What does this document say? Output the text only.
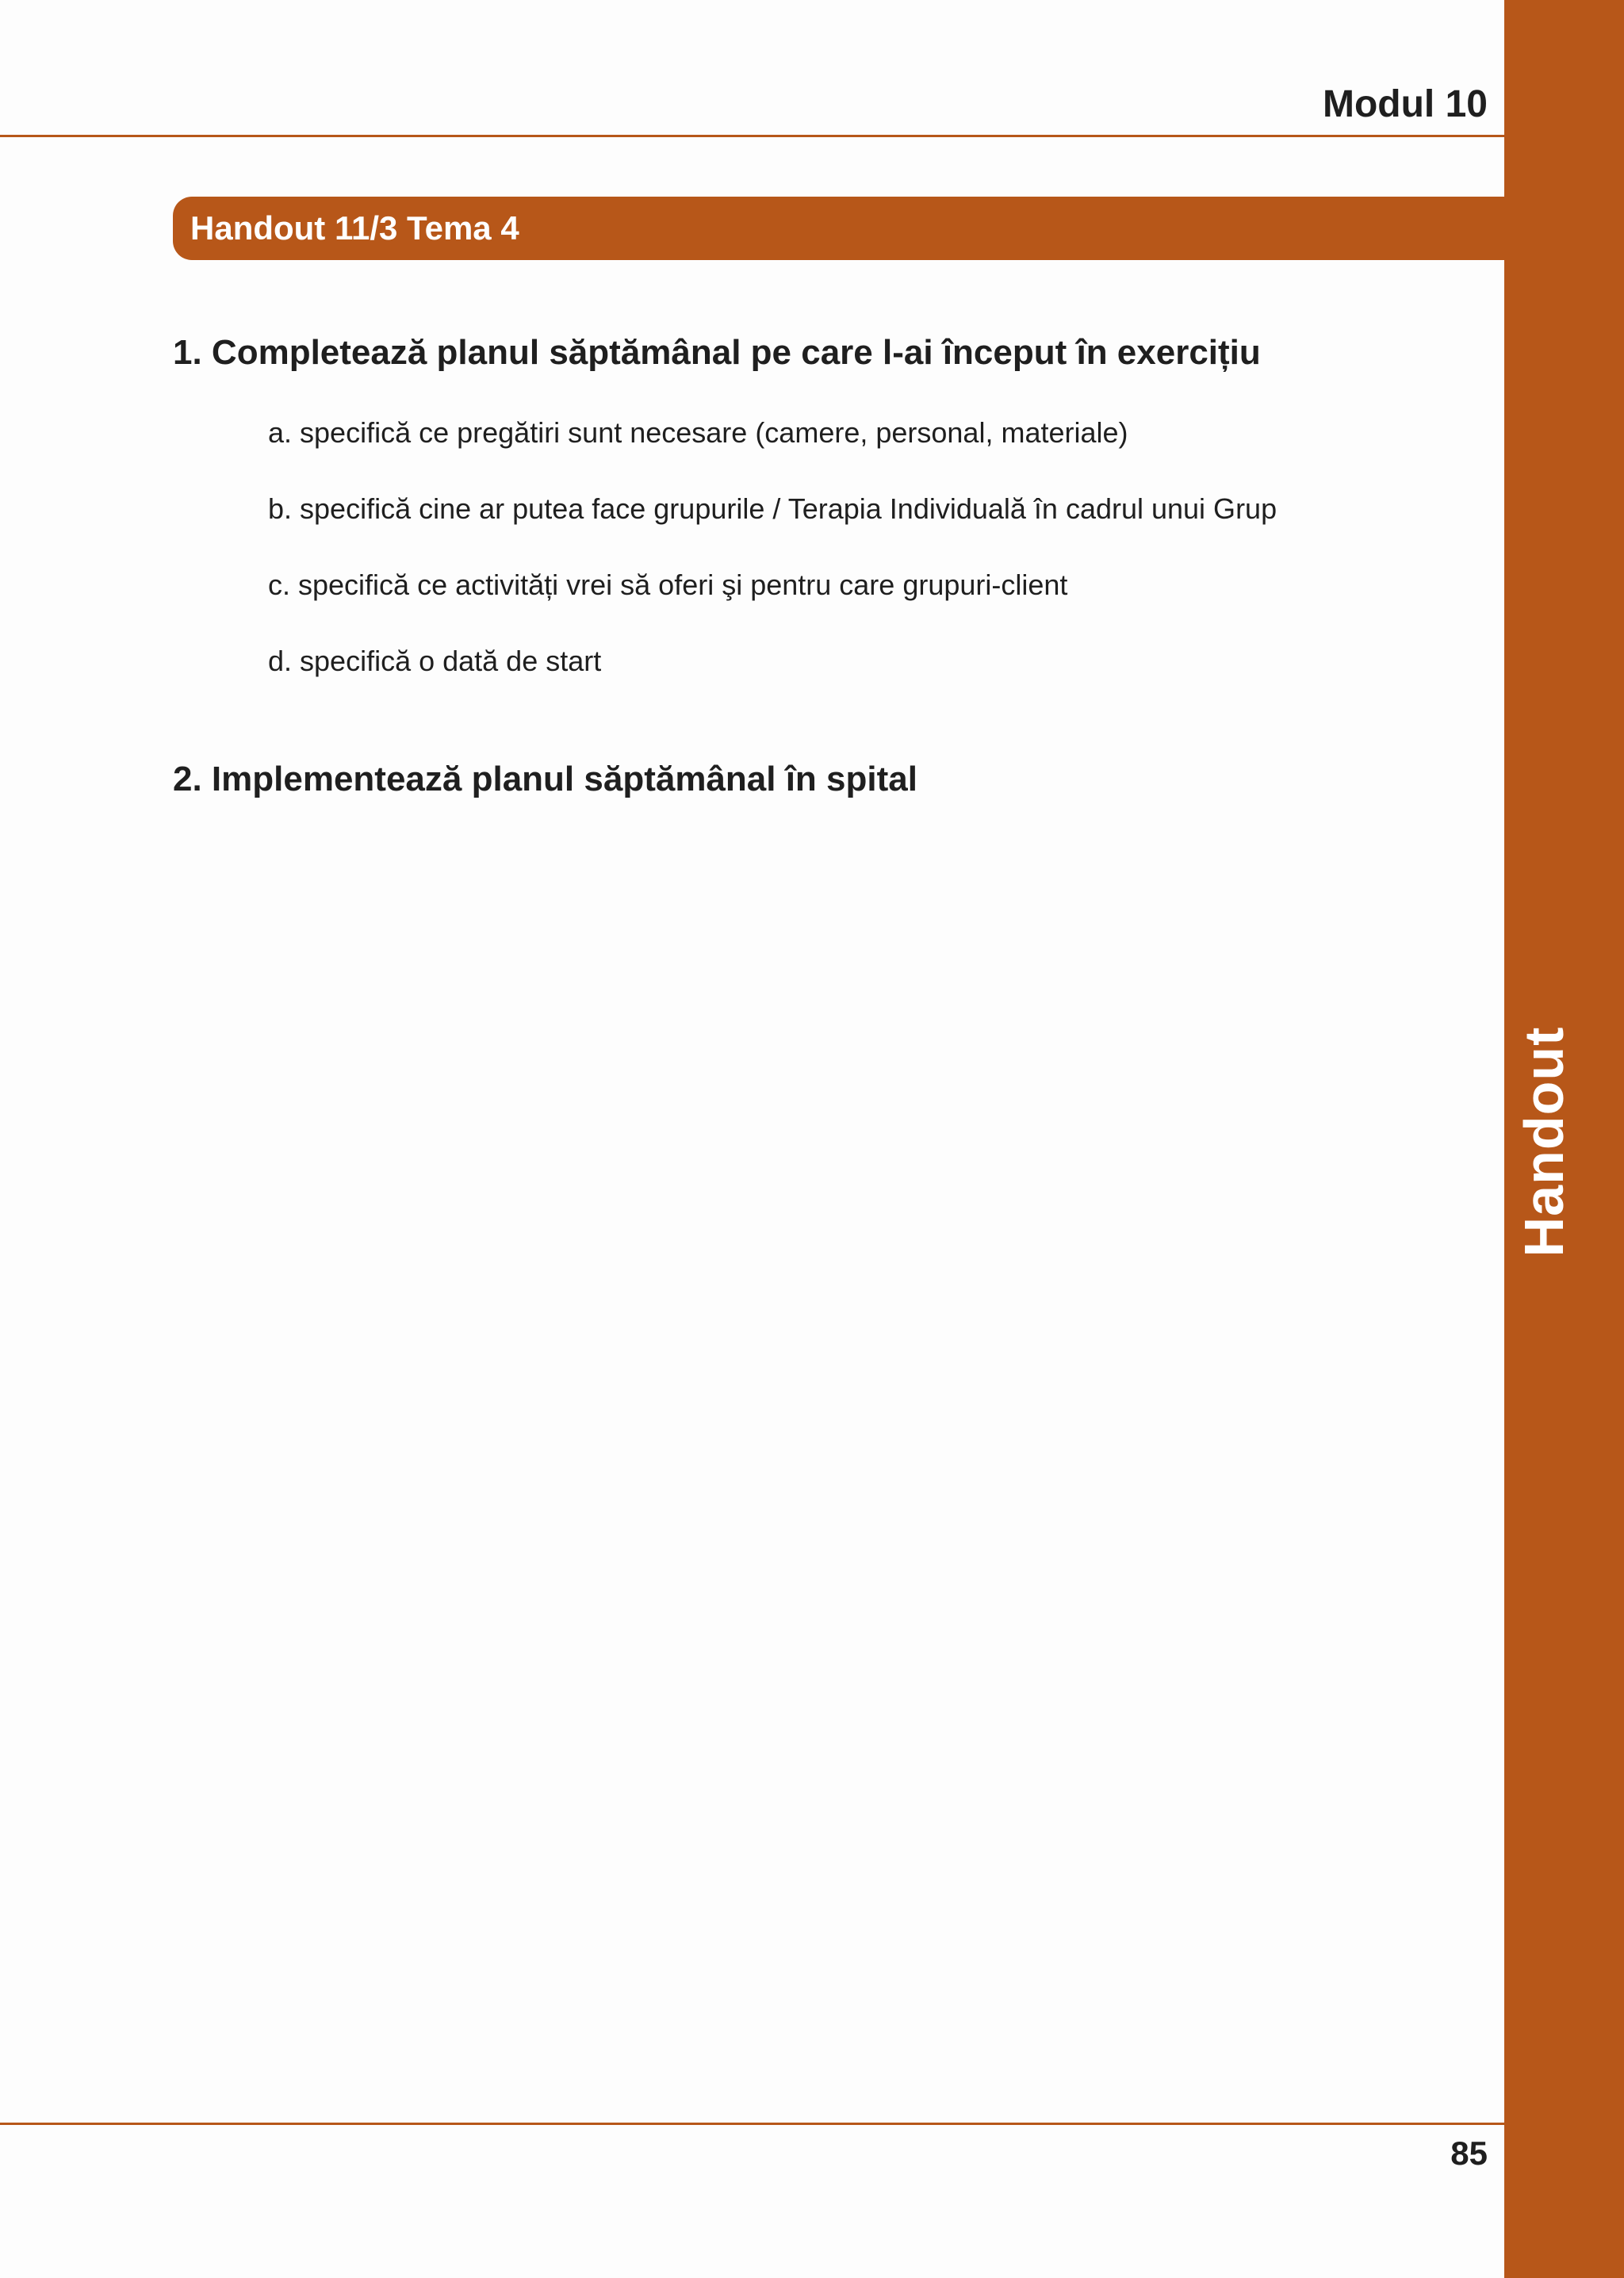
Handout
Modul 10
Handout 11/3 Tema 4
1. Completează planul săptămânal pe care l-ai început în exercițiu
a. specifică ce pregătiri sunt necesare (camere, personal, materiale)
b. specifică cine ar putea face grupurile / Terapia Individuală în cadrul unui Grup
c. specifică ce activități vrei să oferi şi pentru care grupuri-client
d. specifică o dată de start
2. Implementează planul săptămânal în spital
85
